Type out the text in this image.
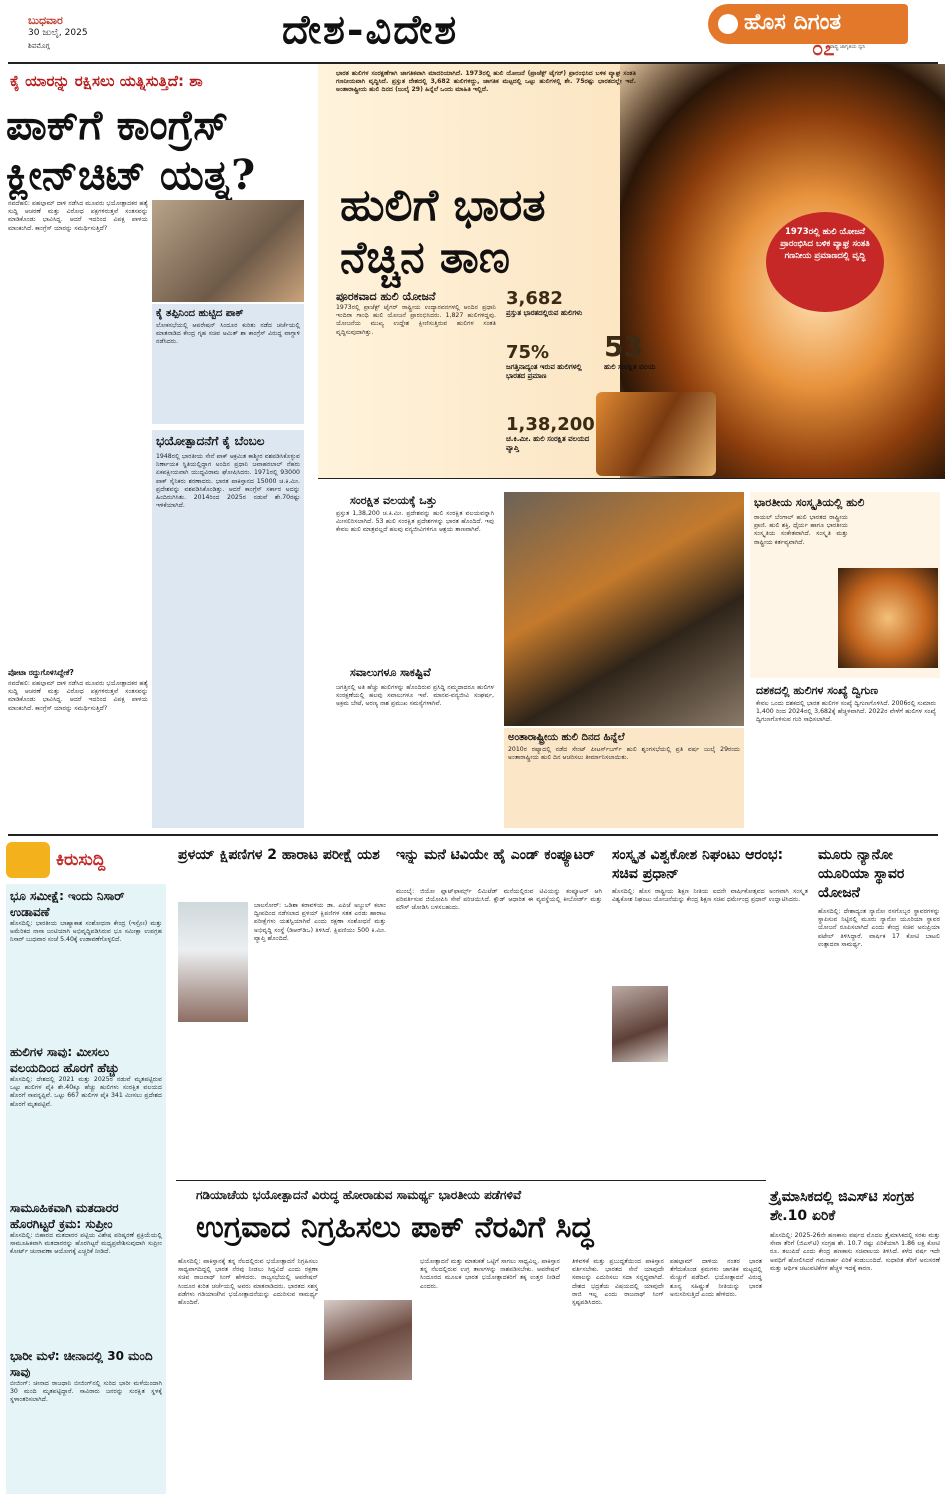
ಬುಧವಾರ
30 ಜುಲೈ, 2025
ಶಿವಮೊಗ್ಗ	ದೇಶ-ವಿದೇಶ	ಹೊಸ ದಿಗಂತ
೦೭
ರಾಷ್ಟ್ರ ಜಾಗೃತಿಯ ಧ್ವನಿ
ಕೈ ಯಾರನ್ನು ರಕ್ಷಿಸಲು ಯತ್ನಿಸುತ್ತಿದೆ: ಶಾ
ಪಾಕ್‌ಗೆ ಕಾಂಗ್ರೆಸ್
ಕ್ಲೀನ್‌ಚಿಟ್ ಯತ್ನ?
ನವದೆಹಲಿ: ಪಹಲ್ಗಾಮ್ ದಾಳಿ ನಡೆಸಿದ ಮೂವರು ಭಯೋತ್ಪಾದಕರ ಹತ್ಯೆ ಸುದ್ದಿ ಆಚರಣೆ ಮತ್ತು ವಿರೋಧ ಪಕ್ಷಗಳಿರುತ್ತವೆ ಸಂತಸವನ್ನು ಮಾಡಿಕೊಂಡು ಭಾವಿಸಿದ್ದ. ಆದರೆ ಇದರಿಂದ ವಿಪಕ್ಷ ಪಾಳಯ ಮಾಂಕುಗಿದೆ. ಕಾಂಗ್ರೆಸ್ ಯಾರನ್ನು ಸಮರ್ಥಿಸುತ್ತಿದೆ?
ಕೈ ತಪ್ಪಿನಿಂದ ಹುಟ್ಟಿದ ಪಾಕ್
ಲೋಕಸಭೆಯಲ್ಲಿ ಆಪರೇಷನ್ ಸಿಂದೂರ ಕುರಿತು ನಡೆದ ಚರ್ಚೆಯಲ್ಲಿ ಮಾತನಾಡಿದ ಕೇಂದ್ರ ಗೃಹ ಸಚಿವ ಅಮಿತ್ ಶಾ ಕಾಂಗ್ರೆಸ್ ವಿರುದ್ಧ ವಾಗ್ದಾಳಿ ನಡೆಸಿದರು.
ಭಯೋತ್ಪಾದನೆಗೆ ಕೈ ಬೆಂಬಲ
1948ರಲ್ಲಿ ಭಾರತೀಯ ಸೇನೆ ಪಾಕ್ ಆಕ್ರಮಿತ ಕಾಶ್ಮೀರ ವಶಪಡಿಸಿಕೊಳ್ಳುವ ನಿರ್ಣಾಯಕ ಸ್ಥಿತಿಯಲ್ಲಿದ್ದಾಗ ಅಂದಿನ ಪ್ರಧಾನಿ ಜವಾಹರಲಾಲ್ ನೆಹರು ಏಕಪಕ್ಷೀಯವಾಗಿ ಯುದ್ಧವಿರಾಮ ಘೋಷಿಸಿದರು. 1971ರಲ್ಲಿ 93000 ಪಾಕ್ ಸೈನಿಕರು ಶರಣಾದರು. ಭಾರತ ಪಾಕಿಸ್ತಾನದ 15000 ಚ.ಕಿ.ಮೀ. ಪ್ರದೇಶವನ್ನು ವಶಪಡಿಸಿಕೊಂಡಿತ್ತು. ಆದರೆ ಕಾಂಗ್ರೆಸ್ ಸರ್ಕಾರ ಅದನ್ನು ಹಿಂದಿರುಗಿಸಿತು. 2014ರಿಂದ 2025ರ ನಡುವೆ ಶೇ.70ರಷ್ಟು ಇಳಿಕೆಯಾಗಿದೆ.
ಪೋಟಾ ರದ್ದುಗೊಳಿಸಿದ್ದೇಕೆ?
ನವದೆಹಲಿ: ಪಹಲ್ಗಾಮ್ ದಾಳಿ ನಡೆಸಿದ ಮೂವರು ಭಯೋತ್ಪಾದಕರ ಹತ್ಯೆ ಸುದ್ದಿ ಆಚರಣೆ ಮತ್ತು ವಿರೋಧ ಪಕ್ಷಗಳಿರುತ್ತವೆ ಸಂತಸವನ್ನು ಮಾಡಿಕೊಂಡು ಭಾವಿಸಿದ್ದ. ಆದರೆ ಇದರಿಂದ ವಿಪಕ್ಷ ಪಾಳಯ ಮಾಂಕುಗಿದೆ. ಕಾಂಗ್ರೆಸ್ ಯಾರನ್ನು ಸಮರ್ಥಿಸುತ್ತಿದೆ?
ಭಾರತ ಹುಲಿಗಳ ಸಂರಕ್ಷಣೆಗಾಗಿ ಜಾಗತಿಕವಾಗಿ ಮಾದರಿಯಾಗಿದೆ. 1973ರಲ್ಲಿ ಹುಲಿ ಯೋಜನೆ (ಪ್ರಾಜೆಕ್ಟ್ ಟೈಗರ್) ಪ್ರಾರಂಭಿಸಿದ ಬಳಿಕ ವ್ಯಾಘ್ರ ಸಂತತಿ ಗಣನೀಯವಾಗಿ ವೃದ್ಧಿಸಿದೆ. ಪ್ರಸ್ತುತ ದೇಶದಲ್ಲಿ 3,682 ಹುಲಿಗಳಿದ್ದು, ಜಾಗತಿಕ ಮಟ್ಟದಲ್ಲಿ ಒಟ್ಟು ಹುಲಿಗಳಲ್ಲಿ ಶೇ. 75ರಷ್ಟು ಭಾರತದಲ್ಲೇ ಇವೆ. ಅಂತಾರಾಷ್ಟ್ರೀಯ ಹುಲಿ ದಿನದ (ಜುಲೈ 29) ಹಿನ್ನೆಲೆ ಒಂದು ಮಾಹಿತಿ ಇಲ್ಲಿದೆ.
ಹುಲಿಗೆ ಭಾರತ
ನೆಚ್ಚಿನ ತಾಣ	1973ರಲ್ಲಿ ಹುಲಿ ಯೋಜನೆ ಪ್ರಾರಂಭಿಸಿದ ಬಳಿಕ ವ್ಯಾಘ್ರ ಸಂತತಿ ಗಣನೀಯ ಪ್ರಮಾಣದಲ್ಲಿ ವೃದ್ಧಿ
ಪೂರಕವಾದ ಹುಲಿ ಯೋಜನೆ
1973ರಲ್ಲಿ ಪ್ರಾಜೆಕ್ಟ್ ಟೈಗರ್ ರಾಷ್ಟ್ರೀಯ ಉದ್ಯಾನವನಗಳಲ್ಲಿ ಆಂದಿನ ಪ್ರಧಾನಿ ಇಂದಿರಾ ಗಾಂಧಿ ಹುಲಿ ಯೋಜನೆ ಪ್ರಾರಂಭಿಸಿದರು. 1,827 ಹುಲಿಗಳಿದ್ದವು. ಯೋಜನೆಯ ಮುಖ್ಯ ಉದ್ದೇಶ ಕ್ಷೀಣಿಸುತ್ತಿರುವ ಹುಲಿಗಳ ಸಂತತಿ ವೃದ್ಧಿಸುವುದಾಗಿತ್ತು.
3,682
ಪ್ರಸ್ತುತ ಭಾರತದಲ್ಲಿರುವ ಹುಲಿಗಳು
75%
ಜಗತ್ತಿನಾದ್ಯಂತ ಇರುವ ಹುಲಿಗಳಲ್ಲಿ ಭಾರತದ ಪ್ರಮಾಣ
53
ಹುಲಿ ಸಂರಕ್ಷಿತ ವಲಯ
1,38,200
ಚ.ಕಿ.ಮೀ. ಹುಲಿ ಸಂರಕ್ಷಿತ ವಲಯದ ವ್ಯಾಪ್ತಿ
ಸಂರಕ್ಷಿತ ವಲಯಕ್ಕೆ ಒತ್ತು
ಪ್ರಸ್ತುತ 1,38,200 ಚ.ಕಿ.ಮೀ. ಪ್ರದೇಶವನ್ನು ಹುಲಿ ಸಂರಕ್ಷಿತ ವಲಯವನ್ನಾಗಿ ಮೀಸಲಿರಿಸಲಾಗಿದೆ. 53 ಹುಲಿ ಸಂರಕ್ಷಿತ ಪ್ರದೇಶಗಳನ್ನು ಭಾರತ ಹೊಂದಿದೆ. ಇವು ಕೇವಲ ಹುಲಿ ಮಾತ್ರವಲ್ಲದೆ ಹಲವು ವನ್ಯಜೀವಿಗಳಿಗೂ ಆಶ್ರಯ ತಾಣವಾಗಿವೆ.
ಸವಾಲುಗಳೂ ಸಾಕಷ್ಟಿವೆ
ಜಗತ್ತಿನಲ್ಲಿ ಅತಿ ಹೆಚ್ಚು ಹುಲಿಗಳನ್ನು ಹೊಂದಿರುವ ಪ್ರಸಿದ್ಧಿ ನಮ್ಮದಾದರೂ ಹುಲಿಗಳ ಸಂರಕ್ಷಣೆಯಲ್ಲಿ ಹಲವು ಸವಾಲುಗಳೂ ಇವೆ. ಮಾನವ-ವನ್ಯಜೀವಿ ಸಂಘರ್ಷ, ಅಕ್ರಮ ಬೇಟೆ, ಅರಣ್ಯ ನಾಶ ಪ್ರಮುಖ ಸಮಸ್ಯೆಗಳಾಗಿವೆ.
ಅಂತಾರಾಷ್ಟ್ರೀಯ ಹುಲಿ ದಿನದ ಹಿನ್ನೆಲೆ
2010ರ ರಷ್ಯಾದಲ್ಲಿ ನಡೆದ ಸೇಂಟ್ ಪೀಟರ್ಸ್‌ಬರ್ಗ್ ಹುಲಿ ಶೃಂಗಸಭೆಯಲ್ಲಿ ಪ್ರತಿ ವರ್ಷ ಜುಲೈ 29ರಂದು ಅಂತಾರಾಷ್ಟ್ರೀಯ ಹುಲಿ ದಿನ ಆಚರಿಸಲು ತೀರ್ಮಾನಿಸಲಾಯಿತು.
ಭಾರತೀಯ ಸಂಸ್ಕೃತಿಯಲ್ಲಿ ಹುಲಿ
ರಾಯಲ್ ಬೆಂಗಾಲ್ ಹುಲಿ ಭಾರತದ ರಾಷ್ಟ್ರೀಯ ಪ್ರಾಣಿ. ಹುಲಿ ಶಕ್ತಿ, ಧೈರ್ಯ ಹಾಗೂ ಭಾರತೀಯ ಸಂಸ್ಕೃತಿಯ ಸಂಕೇತವಾಗಿದೆ. ಸಂಸ್ಕೃತಿ ಮತ್ತು ರಾಷ್ಟ್ರೀಯ ಕರ್ತವ್ಯವಾಗಿದೆ.
ದಶಕದಲ್ಲಿ ಹುಲಿಗಳ ಸಂಖ್ಯೆ ದ್ವಿಗುಣ
ಕೇವಲ ಒಂದು ದಶಕದಲ್ಲಿ ಭಾರತ ಹುಲಿಗಳ ಸಂಖ್ಯೆ ದ್ವಿಗುಣಗೊಳಿಸಿದೆ. 2006ರಲ್ಲಿ ಸುಮಾರು 1,400 ರಿಂದ 2024ರಲ್ಲಿ 3,682ಕ್ಕೆ ಹೆಚ್ಚಳವಾಗಿದೆ. 2022ರ ವೇಳೆಗೆ ಹುಲಿಗಳ ಸಂಖ್ಯೆ ದ್ವಿಗುಣಗೊಳಿಸುವ ಗುರಿ ಸಾಧಿಸಲಾಗಿದೆ.
ಕಿರುಸುದ್ದಿ
ಭೂ ಸಮೀಕ್ಷೆ: ಇಂದು ನಿಸಾರ್ ಉಡಾವಣೆ
ಹೊಸದಿಲ್ಲಿ: ಭಾರತೀಯ ಬಾಹ್ಯಾಕಾಶ ಸಂಶೋಧನಾ ಕೇಂದ್ರ (ಇಸ್ರೋ) ಮತ್ತು ಅಮೆರಿಕದ ನಾಸಾ ಜಂಟಿಯಾಗಿ ಅಭಿವೃದ್ಧಿಪಡಿಸಿರುವ ಭೂ ಸಮೀಕ್ಷಾ ಉಪಗ್ರಹ ನಿಸಾರ್ ಬುಧವಾರ ಸಂಜೆ 5.40ಕ್ಕೆ ಉಡಾವಣೆಗೊಳ್ಳಲಿದೆ.
ಹುಲಿಗಳ ಸಾವು: ಮೀಸಲು ವಲಯದಿಂದ ಹೊರಗೆ ಹೆಚ್ಚು
ಹೊಸದಿಲ್ಲಿ: ದೇಶದಲ್ಲಿ 2021 ಮತ್ತು 2025ರ ನಡುವೆ ಮೃತಪಟ್ಟಿರುವ ಒಟ್ಟು ಹುಲಿಗಳ ಪೈಕಿ ಶೇ.40ಕ್ಕೂ ಹೆಚ್ಚು ಹುಲಿಗಳು ಸಂರಕ್ಷಿತ ವಲಯದ ಹೊರಗೆ ಸಾವನ್ನಪ್ಪಿವೆ. ಒಟ್ಟು 667 ಹುಲಿಗಳ ಪೈಕಿ 341 ಮೀಸಲು ಪ್ರದೇಶದ ಹೊರಗೆ ಮೃತಪಟ್ಟಿವೆ.
ಸಾಮೂಹಿಕವಾಗಿ ಮತದಾರರ ಹೊರಗಿಟ್ಟರೆ ಕ್ರಮ: ಸುಪ್ರೀಂ
ಹೊಸದಿಲ್ಲಿ: ಬಿಹಾರದ ಮತದಾರರ ಪಟ್ಟಿಯ ವಿಶೇಷ ಪರಿಷ್ಕರಣೆ ಪ್ರಕ್ರಿಯೆಯಲ್ಲಿ ಸಾಮೂಹಿಕವಾಗಿ ಮತದಾರರನ್ನು ಹೊರಗಿಟ್ಟರೆ ಮಧ್ಯಪ್ರವೇಶಿಸುವುದಾಗಿ ಸುಪ್ರೀಂ ಕೋರ್ಟ್ ಚುನಾವಣಾ ಆಯೋಗಕ್ಕೆ ಎಚ್ಚರಿಕೆ ನೀಡಿದೆ.
ಭಾರೀ ಮಳೆ: ಚೀನಾದಲ್ಲಿ 30 ಮಂದಿ ಸಾವು
ಬೀಜಿಂಗ್: ಚೀನಾದ ರಾಜಧಾನಿ ಬೀಜಿಂಗ್‌ನಲ್ಲಿ ಸುರಿದ ಭಾರೀ ಮಳೆಯಿಂದಾಗಿ 30 ಮಂದಿ ಮೃತಪಟ್ಟಿದ್ದಾರೆ. ಸಾವಿರಾರು ಜನರನ್ನು ಸುರಕ್ಷಿತ ಸ್ಥಳಕ್ಕೆ ಸ್ಥಳಾಂತರಿಸಲಾಗಿದೆ.
ಪ್ರಳಯ್ ಕ್ಷಿಪಣಿಗಳ 2 ಹಾರಾಟ ಪರೀಕ್ಷೆ ಯಶ
ಬಾಲಸೋರ್: ಒಡಿಶಾ ಕರಾವಳಿಯ ಡಾ. ಎಪಿಜೆ ಅಬ್ದುಲ್ ಕಲಾಂ ದ್ವೀಪದಿಂದ ನಡೆಸಲಾದ ಪ್ರಳಯ್ ಕ್ಷಿಪಣಿಗಳ ಸತತ ಎರಡು ಹಾರಾಟ ಪರೀಕ್ಷೆಗಳು ಯಶಸ್ವಿಯಾಗಿವೆ ಎಂದು ರಕ್ಷಣಾ ಸಂಶೋಧನೆ ಮತ್ತು ಅಭಿವೃದ್ಧಿ ಸಂಸ್ಥೆ (ಡಿಆರ್‌ಡಿಒ) ತಿಳಿಸಿದೆ. ಕ್ಷಿಪಣಿಯು 500 ಕಿ.ಮೀ. ವ್ಯಾಪ್ತಿ ಹೊಂದಿದೆ.
ಇನ್ನು ಮನೆ ಟಿವಿಯೇ ಹೈ ಎಂಡ್ ಕಂಪ್ಯೂಟರ್
ಮುಂಬೈ: ಜಿಯೋ ಪ್ಲಾಟ್‌ಫಾರ್ಮ್ಸ್ ಲಿಮಿಟೆಡ್ ಮನೆಯಲ್ಲಿರುವ ಟಿವಿಯನ್ನು ಕಂಪ್ಯೂಟರ್ ಆಗಿ ಪರಿವರ್ತಿಸುವ ಜಿಯೋಪಿಸಿ ಸೇವೆ ಪರಿಚಯಿಸಿದೆ. ಕ್ಲೌಡ್ ಆಧಾರಿತ ಈ ವ್ಯವಸ್ಥೆಯಲ್ಲಿ ಕೀಬೋರ್ಡ್ ಮತ್ತು ಮೌಸ್ ಜೋಡಿಸಿ ಬಳಸಬಹುದು.
ಸಂಸ್ಕೃತ ವಿಶ್ವಕೋಶ ನಿಘಂಟು ಆರಂಭ: ಸಚಿವ ಪ್ರಧಾನ್
ಹೊಸದಿಲ್ಲಿ: ಹೊಸ ರಾಷ್ಟ್ರೀಯ ಶಿಕ್ಷಣ ನೀತಿಯ ಐದನೇ ವಾರ್ಷಿಕೋತ್ಸವದ ಅಂಗವಾಗಿ ಸಂಸ್ಕೃತ ವಿಶ್ವಕೋಶ ನಿಘಂಟು ಯೋಜನೆಯನ್ನು ಕೇಂದ್ರ ಶಿಕ್ಷಣ ಸಚಿವ ಧರ್ಮೇಂದ್ರ ಪ್ರಧಾನ್ ಉದ್ಘಾಟಿಸಿದರು.
ಮೂರು ನ್ಯಾನೋ ಯೂರಿಯಾ ಸ್ಥಾವರ ಯೋಜನೆ
ಹೊಸದಿಲ್ಲಿ: ದೇಶಾದ್ಯಂತ ನ್ಯಾನೋ ರಸಗೊಬ್ಬರ ಸ್ಥಾವರಗಳನ್ನು ಸ್ಥಾಪಿಸುವ ನಿಟ್ಟಿನಲ್ಲಿ ಮೂರು ನ್ಯಾನೋ ಯೂರಿಯಾ ಸ್ಥಾವರ ಯೋಜನೆ ರೂಪಿಸಲಾಗಿದೆ ಎಂದು ಕೇಂದ್ರ ಸಚಿವ ಅನುಪ್ರಿಯಾ ಪಟೇಲ್ ತಿಳಿಸಿದ್ದಾರೆ. ವಾರ್ಷಿಕ 17 ಕೋಟಿ ಬಾಟಲಿ ಉತ್ಪಾದನಾ ಸಾಮರ್ಥ್ಯ.
ಗಡಿಯಾಚೆಯ ಭಯೋತ್ಪಾದನೆ ವಿರುದ್ಧ ಹೋರಾಡುವ ಸಾಮರ್ಥ್ಯ ಭಾರತೀಯ ಪಡೆಗಳಿವೆ
ಉಗ್ರವಾದ ನಿಗ್ರಹಿಸಲು ಪಾಕ್ ನೆರವಿಗೆ ಸಿದ್ಧ
ಹೊಸದಿಲ್ಲಿ: ಪಾಕಿಸ್ತಾನಕ್ಕೆ ತನ್ನ ನೆಲದಲ್ಲಿರುವ ಭಯೋತ್ಪಾದನೆ ನಿಗ್ರಹಿಸಲು ಸಾಧ್ಯವಾಗದಿದ್ದಲ್ಲಿ ಭಾರತ ನೆರವು ನೀಡಲು ಸಿದ್ಧವಿದೆ ಎಂದು ರಕ್ಷಣಾ ಸಚಿವ ರಾಜನಾಥ್ ಸಿಂಗ್ ಹೇಳಿದರು. ರಾಜ್ಯಸಭೆಯಲ್ಲಿ ಆಪರೇಷನ್ ಸಿಂದೂರ ಕುರಿತ ಚರ್ಚೆಯಲ್ಲಿ ಅವರು ಮಾತನಾಡಿದರು. ಭಾರತದ ಸಶಸ್ತ್ರ ಪಡೆಗಳು ಗಡಿಯಾಚೆಗಿನ ಭಯೋತ್ಪಾದನೆಯನ್ನು ಎದುರಿಸುವ ಸಾಮರ್ಥ್ಯ ಹೊಂದಿವೆ.
ಭಯೋತ್ಪಾದನೆ ಮತ್ತು ಮಾತುಕತೆ ಒಟ್ಟಿಗೆ ಸಾಗಲು ಸಾಧ್ಯವಿಲ್ಲ. ಪಾಕಿಸ್ತಾನ ತನ್ನ ನೆಲದಲ್ಲಿರುವ ಉಗ್ರ ತಾಣಗಳನ್ನು ನಾಶಪಡಿಸಬೇಕು. ಆಪರೇಷನ್ ಸಿಂದೂರದ ಮೂಲಕ ಭಾರತ ಭಯೋತ್ಪಾದಕರಿಗೆ ತಕ್ಕ ಉತ್ತರ ನೀಡಿದೆ ಎಂದರು.
ತಿಳಿವಳಿಕೆ ಮತ್ತು ಪ್ರಬುದ್ಧತೆಯಿಂದ ಪಾಕಿಸ್ತಾನ ವರ್ತಿಸಬೇಕು. ಭಾರತದ ಸೇನೆ ಯಾವುದೇ ಸವಾಲನ್ನು ಎದುರಿಸಲು ಸದಾ ಸನ್ನದ್ಧವಾಗಿದೆ. ದೇಶದ ಭದ್ರತೆಯ ವಿಷಯದಲ್ಲಿ ಯಾವುದೇ ರಾಜಿ ಇಲ್ಲ ಎಂದು ರಾಜನಾಥ್ ಸಿಂಗ್ ಸ್ಪಷ್ಟಪಡಿಸಿದರು.
ಪಹಲ್ಗಾಮ್ ದಾಳಿಯ ನಂತರ ಭಾರತ ತೆಗೆದುಕೊಂಡ ಕ್ರಮಗಳು ಜಾಗತಿಕ ಮಟ್ಟದಲ್ಲಿ ಮೆಚ್ಚುಗೆ ಪಡೆದಿವೆ. ಭಯೋತ್ಪಾದನೆ ವಿರುದ್ಧ ಶೂನ್ಯ ಸಹಿಷ್ಣುತೆ ನೀತಿಯನ್ನು ಭಾರತ ಅನುಸರಿಸುತ್ತಿದೆ ಎಂದು ಹೇಳಿದರು.
ತ್ರೈಮಾಸಿಕದಲ್ಲಿ ಜಿಎಸ್‌ಟಿ ಸಂಗ್ರಹ ಶೇ.10 ಏರಿಕೆ
ಹೊಸದಿಲ್ಲಿ: 2025-26ನೇ ಹಣಕಾಸು ವರ್ಷದ ಮೊದಲ ತ್ರೈಮಾಸಿಕದಲ್ಲಿ ಸರಕು ಮತ್ತು ಸೇವಾ ತೆರಿಗೆ (ಜಿಎಸ್‌ಟಿ) ಸಂಗ್ರಹ ಶೇ. 10.7 ರಷ್ಟು ಏರಿಕೆಯಾಗಿ 1.86 ಲಕ್ಷ ಕೋಟಿ ರೂ. ತಲುಪಿದೆ ಎಂದು ಕೇಂದ್ರ ಹಣಕಾಸು ಸಚಿವಾಲಯ ತಿಳಿಸಿದೆ. ಕಳೆದ ವರ್ಷ ಇದೇ ಅವಧಿಗೆ ಹೋಲಿಸಿದರೆ ಗಮನಾರ್ಹ ಏರಿಕೆ ಕಂಡುಬಂದಿದೆ. ಸುಧಾರಿತ ತೆರಿಗೆ ಅನುಸರಣೆ ಮತ್ತು ಆರ್ಥಿಕ ಚಟುವಟಿಕೆಗಳ ಹೆಚ್ಚಳ ಇದಕ್ಕೆ ಕಾರಣ.
